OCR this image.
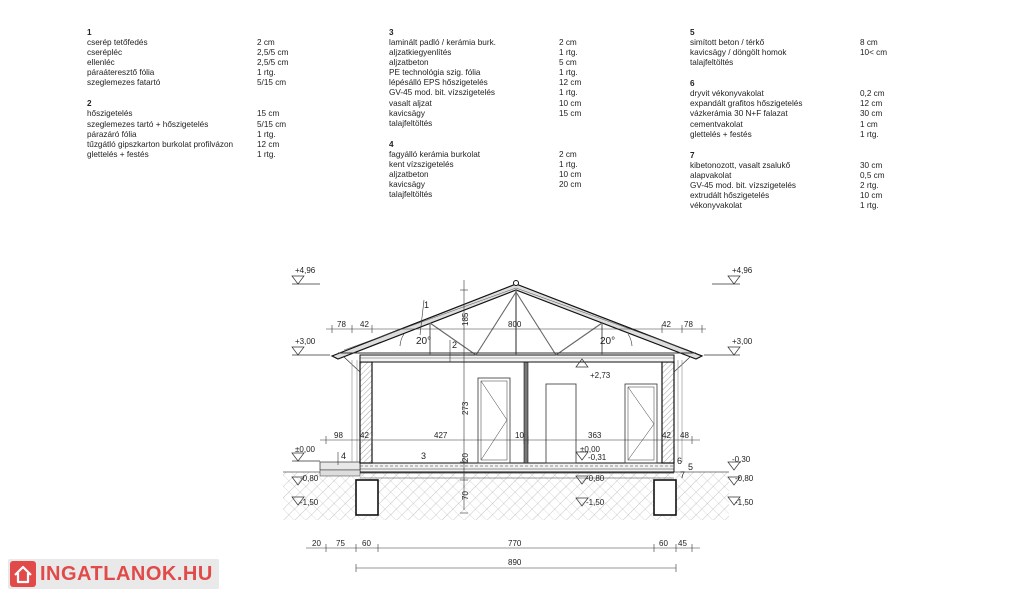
1
cserép tetőfedés	2 cm
cserépléc	2,5/5 cm
ellenléc	2,5/5 cm
páraáteresztő fólia	1 rtg.
szeglemezes fatartó	5/15 cm
2
hőszigetelés	15 cm
szeglemezes tartó + hőszigetelés	5/15 cm
párazáró fólia	1 rtg.
tűzgátló gipszkarton burkolat profilvázon	12 cm
glettelés + festés	1 rtg.
3
laminált padló / kerámia burk.	2 cm
aljzatkiegyenlítés	1 rtg.
aljzatbeton	5 cm
PE technológia szig. fólia	1 rtg.
lépésálló EPS hőszigetelés	12 cm
GV-45 mod. bit. vízszigetelés	1 rtg.
vasalt aljzat	10 cm
kavicsägy	15 cm
talajfeltöltés
4
fagyálló kerámia burkolat	2 cm
kent vízszigetelés	1 rtg.
aljzatbeton	10 cm
kavicsägy	20 cm
talajfeltöltés
5
simított beton / térkő	8 cm
kavicsägy / döngölt homok	10< cm
talajfeltöltés
6
dryvit vékonyvakolat	0,2 cm
expandált grafitos hőszigetelés	12 cm
vázkerámia 30 N+F falazat	30 cm
cementvakolat	1 cm
glettelés + festés	1 rtg.
7
kibetonozott, vasalt zsalukő	30 cm
alapvakolat	0,5 cm
GV-45 mod. bit. vízszigetelés	2 rtg.
extrudált hőszigetelés	10 cm
vékonyvakolat	1 rtg.
185
273
20
70
78 42	800	42 78
20°	20°
98 42	427	10	363	42 48
+4,96	+4,96
+3,00	+3,00
+2,73
±0,00	±0,00
-0,31	-0,30
-0,80	-0,80	-0,80
-1,50	-1,50	-1,50
1
2
3
4
5
6
7
20 75 60	770	60 45
890
INGATLANOK.HU
